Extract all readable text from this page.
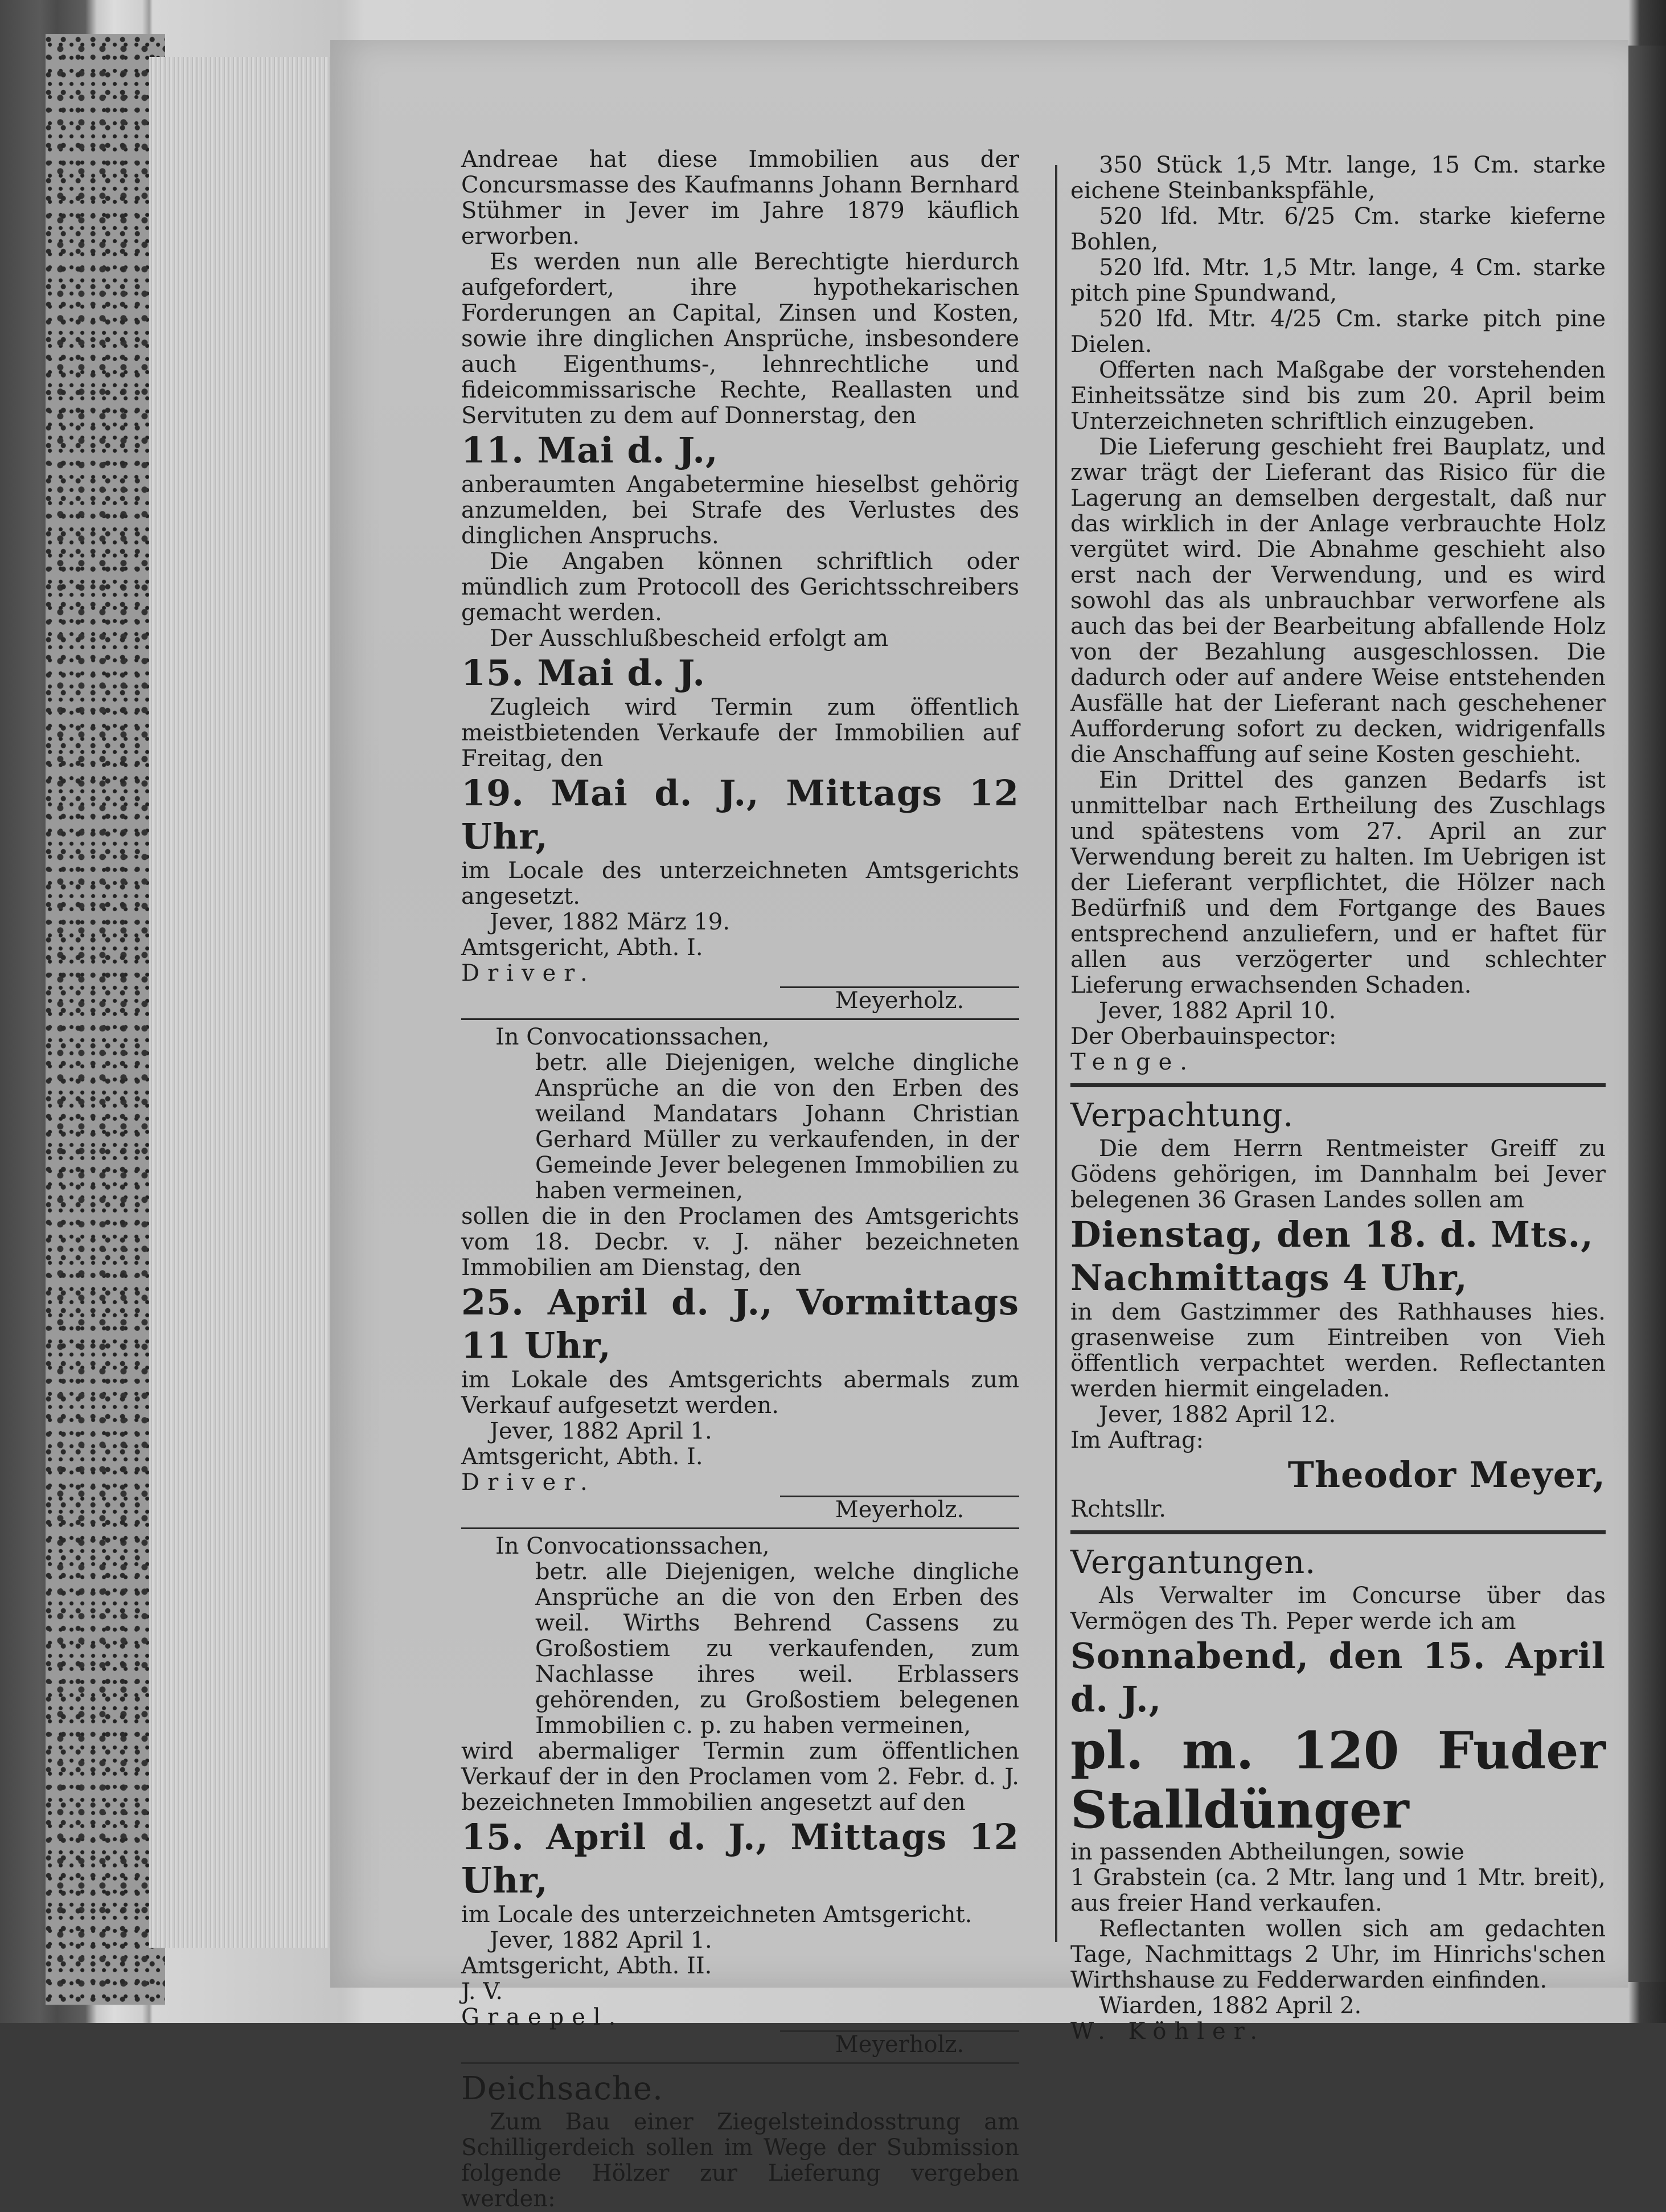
Andreae hat diese Immobilien aus der Concursmasse des Kaufmanns Johann Bernhard Stühmer in Jever im Jahre 1879 käuflich erworben.

Es werden nun alle Berechtigte hierdurch aufgefordert, ihre hypothekarischen Forderungen an Capital, Zinsen und Kosten, sowie ihre dinglichen Ansprüche, insbesondere auch Eigenthums-, lehnrechtliche und fideicommissarische Rechte, Reallasten und Servituten zu dem auf Donnerstag, den

11. Mai d. J.,

anberaumten Angabetermine hieselbst gehörig anzumelden, bei Strafe des Verlustes des dinglichen Anspruchs.

Die Angaben können schriftlich oder mündlich zum Protocoll des Gerichtsschreibers gemacht werden.

Der Ausschlußbescheid erfolgt am

15. Mai d. J.

Zugleich wird Termin zum öffentlich meistbietenden Verkaufe der Immobilien auf Freitag, den

19. Mai d. J., Mittags 12 Uhr,

im Locale des unterzeichneten Amtsgerichts angesetzt.

Jever, 1882 März 19.

Amtsgericht, Abth. I.

Driver.

Meyerholz.

In Convocationssachen,

betr. alle Diejenigen, welche dingliche Ansprüche an die von den Erben des weiland Mandatars Johann Christian Gerhard Müller zu verkaufenden, in der Gemeinde Jever belegenen Immobilien zu haben vermeinen,

sollen die in den Proclamen des Amtsgerichts vom 18. Decbr. v. J. näher bezeichneten Immobilien am Dienstag, den

25. April d. J., Vormittags 11 Uhr,

im Lokale des Amtsgerichts abermals zum Verkauf aufgesetzt werden.

Jever, 1882 April 1.

Amtsgericht, Abth. I.

Driver.

Meyerholz.

In Convocationssachen,

betr. alle Diejenigen, welche dingliche Ansprüche an die von den Erben des weil. Wirths Behrend Cassens zu Großostiem zu verkaufenden, zum Nachlasse ihres weil. Erblassers gehörenden, zu Großostiem belegenen Immobilien c. p. zu haben vermeinen,

wird abermaliger Termin zum öffentlichen Verkauf der in den Proclamen vom 2. Febr. d. J. bezeichneten Immobilien angesetzt auf den

15. April d. J., Mittags 12 Uhr,

im Locale des unterzeichneten Amtsgericht.

Jever, 1882 April 1.

Amtsgericht, Abth. II.

J. V.

Graepel.

Meyerholz.

Deichsache.

Zum Bau einer Ziegelsteindosstrung am Schilligerdeich sollen im Wege der Submission folgende Hölzer zur Lieferung vergeben werden:

350 Stück 1,5 Mtr. lange, 15 Cm. starke eichene Steinbankspfähle,

520 lfd. Mtr. 6/25 Cm. starke kieferne Bohlen,

520 lfd. Mtr. 1,5 Mtr. lange, 4 Cm. starke pitch pine Spundwand,

520 lfd. Mtr. 4/25 Cm. starke pitch pine Dielen.

Offerten nach Maßgabe der vorstehenden Einheitssätze sind bis zum 20. April beim Unterzeichneten schriftlich einzugeben.

Die Lieferung geschieht frei Bauplatz, und zwar trägt der Lieferant das Risico für die Lagerung an demselben dergestalt, daß nur das wirklich in der Anlage verbrauchte Holz vergütet wird. Die Abnahme geschieht also erst nach der Verwendung, und es wird sowohl das als unbrauchbar verworfene als auch das bei der Bearbeitung abfallende Holz von der Bezahlung ausgeschlossen. Die dadurch oder auf andere Weise entstehenden Ausfälle hat der Lieferant nach geschehener Aufforderung sofort zu decken, widrigenfalls die Anschaffung auf seine Kosten geschieht.

Ein Drittel des ganzen Bedarfs ist unmittelbar nach Ertheilung des Zuschlags und spätestens vom 27. April an zur Verwendung bereit zu halten. Im Uebrigen ist der Lieferant verpflichtet, die Hölzer nach Bedürfniß und dem Fortgange des Baues entsprechend anzuliefern, und er haftet für allen aus verzögerter und schlechter Lieferung erwachsenden Schaden.

Jever, 1882 April 10.

Der Oberbauinspector:

Tenge.

Verpachtung.

Die dem Herrn Rentmeister Greiff zu Gödens gehörigen, im Dannhalm bei Jever belegenen 36 Grasen Landes sollen am

Dienstag, den 18. d. Mts.,

Nachmittags 4 Uhr,

in dem Gastzimmer des Rathhauses hies. grasenweise zum Eintreiben von Vieh öffentlich verpachtet werden. Reflectanten werden hiermit eingeladen.

Jever, 1882 April 12.

Im Auftrag:

Theodor Meyer,

Rchtsllr.

Vergantungen.

Als Verwalter im Concurse über das Vermögen des Th. Peper werde ich am

Sonnabend, den 15. April d. J.,

pl. m. 120 Fuder Stalldünger

in passenden Abtheilungen, sowie

1 Grabstein (ca. 2 Mtr. lang und 1 Mtr. breit), aus freier Hand verkaufen.

Reflectanten wollen sich am gedachten Tage, Nachmittags 2 Uhr, im Hinrichs'schen Wirthshause zu Fedderwarden einfinden.

Wiarden, 1882 April 2.

W. Köhler.
